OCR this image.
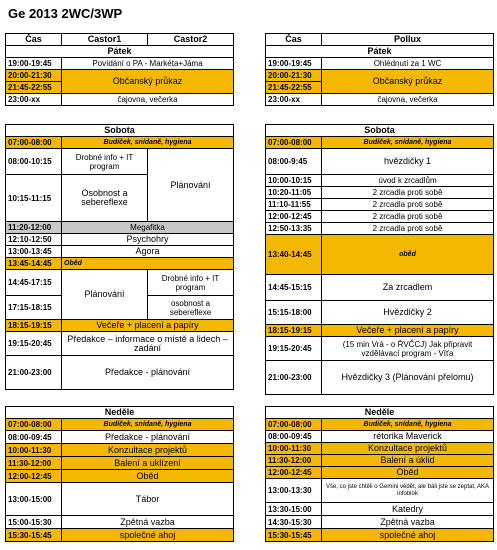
Ge 2013 2WC/3WP
Čas	Castor1	Castor2
Pátek		
19:00-19:45	Povídání o PA - Markéta+Jáma	
20:00-21:30	Občanský průkaz	
21:45-22:55		
23:00-xx	čajovna, večerka	
Čas	Pollux
Pátek	
19:00-19:45	Ohlédnutí za 1 WC
20:00-21:30	Občanský průkaz
21:45-22:55	
23:00-xx	čajovna, večerka
Sobota		
07:00-08:00	Budíček, snídaně, hygiena	
08:00-10:15	Drobné info + IT program	Plánování
10:15-11:15	Osobnost a sebereflexe	
11:20-12:00	Megafitka	
12:10-12:50	Psychohry	
13:00-13:45	Agora	
13:45-14:45	Oběd	
14:45-17:15	Plánování	Drobné info + IT program
17:15-18:15		osobnost a sebereflexe
18:15-19:15	Večeře + placení a papíry	
19:15-20:45	Předakce – informace o místě a lidech – zadání	
21:00-23:00	Předakce - plánování	
Sobota	
07:00-08:00	Budíček, snídaně, hygiena
08:00-9:45	hvězdičky 1
10:00-10:15	úvod k zrcadlům
10:20-11:05	2 zrcadla proti sobě
11:10-11:55	2 zrcadla proti sobě
12:00-12:45	2 zrcadla proti sobě
12:50-13:35	2 zrcadla proti sobě
13:40-14:45	oběd
14:45-15:15	Za zrcadlem
15:15-18:00	Hvězdičky 2
18:15-19:15	Večeře + placení a papíry
19:15-20:45	(15 min Vrá - o ŘVČCJ) Jak připravit vzdělávací program - Víťa
21:00-23:00	Hvězdičky 3 (Plánování přelomu)
Neděle	
07:00-08:00	Budíček, snídaně, hygiena
08:00-09:45	Předakce - plánování
10:00-11:30	Konzultace projektů
11:30-12:00	Balení a uklízení
12:00-12:45	Oběd
13:00-15:00	Tábor
15:00-15:30	Zpětná vazba
15:30-15:45	společné ahoj
Neděle	
07:00-08:00	Budíček, snídaně, hygiena
08:00-09:45	rétorika Maverick
10:00-11:30	Konzultace projektů
11:30-12:00	Balení a úklid
12:00-12:45	Oběd
13:00-13:30	Vše, co jste chtěli o Gemini vědět, ale báli jste se zeptat, AKA infoblok
13:30-15:00	Katedry
14:30-15:30	Zpětná vazba
15:30-15:45	společné ahoj
